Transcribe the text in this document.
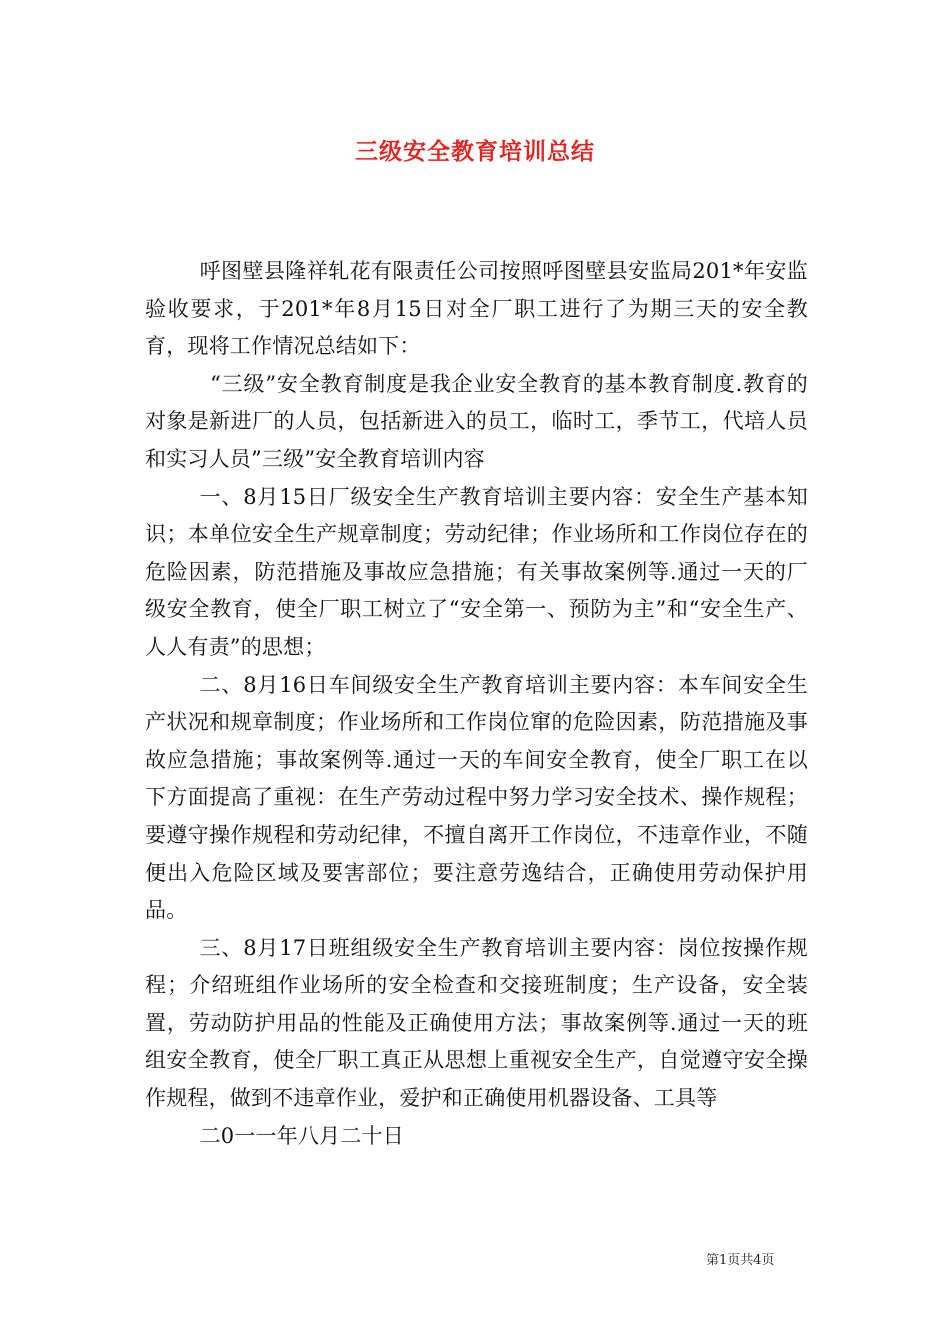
三级安全教育培训总结

呼图壁县隆祥轧花有限责任公司按照呼图壁县安监局201*年安监验收要求，于201*年8月15日对全厂职工进行了为期三天的安全教育，现将工作情况总结如下：

“三级”安全教育制度是我企业安全教育的基本教育制度.教育的对象是新进厂的人员，包括新进入的员工，临时工，季节工，代培人员和实习人员”三级”安全教育培训内容

一、8月15日厂级安全生产教育培训主要内容：安全生产基本知识；本单位安全生产规章制度；劳动纪律；作业场所和工作岗位存在的危险因素，防范措施及事故应急措施；有关事故案例等.通过一天的厂级安全教育，使全厂职工树立了“安全第一、预防为主”和“安全生产、人人有责”的思想；

二、8月16日车间级安全生产教育培训主要内容：本车间安全生产状况和规章制度；作业场所和工作岗位窜的危险因素，防范措施及事故应急措施；事故案例等.通过一天的车间安全教育，使全厂职工在以下方面提高了重视：在生产劳动过程中努力学习安全技术、操作规程；要遵守操作规程和劳动纪律，不擅自离开工作岗位，不违章作业，不随便出入危险区域及要害部位；要注意劳逸结合，正确使用劳动保护用品。

三、8月17日班组级安全生产教育培训主要内容：岗位按操作规程；介绍班组作业场所的安全检查和交接班制度；生产设备，安全装置，劳动防护用品的性能及正确使用方法；事故案例等.通过一天的班组安全教育，使全厂职工真正从思想上重视安全生产，自觉遵守安全操作规程，做到不违章作业，爱护和正确使用机器设备、工具等

二0一一年八月二十日

第1页共4页
